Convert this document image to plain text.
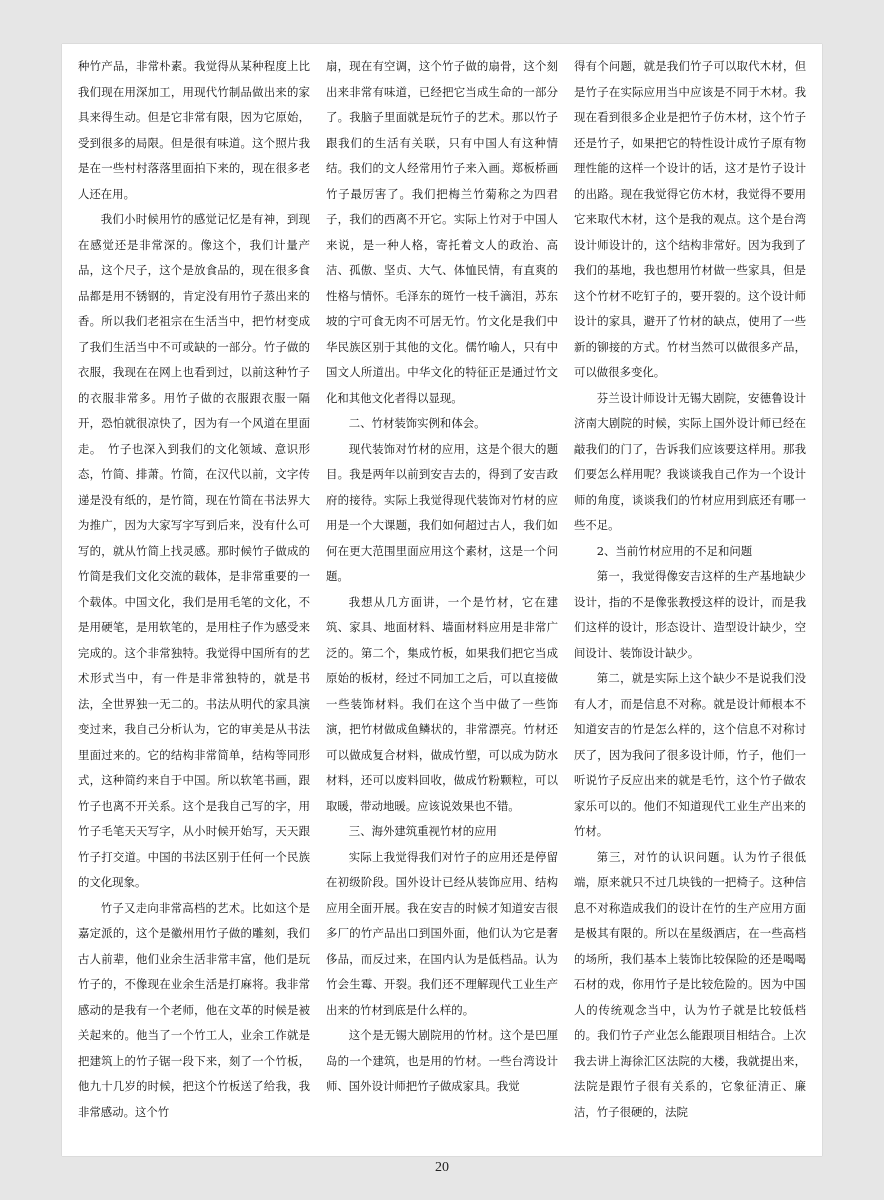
种竹产品，非常朴素。我觉得从某种程度上比我们现在用深加工，用现代竹制品做出来的家具来得生动。但是它非常有限，因为它原始，受到很多的局限。但是很有味道。这个照片我是在一些村村落落里面拍下来的，现在很多老人还在用。

我们小时候用竹的感觉记忆是有神，到现在感觉还是非常深的。像这个，我们计量产品，这个尺子，这个是放食品的，现在很多食品都是用不锈钢的，肯定没有用竹子蒸出来的香。所以我们老祖宗在生活当中，把竹材变成了我们生活当中不可或缺的一部分。竹子做的衣服，我现在在网上也看到过，以前这种竹子的衣服非常多。用竹子做的衣服跟衣服一隔开，恐怕就很凉快了，因为有一个风道在里面走。　竹子也深入到我们的文化领域、意识形态，竹简、排萧。竹简，在汉代以前，文字传递是没有纸的，是竹简，现在竹简在书法界大为推广，因为大家写字写到后来，没有什么可写的，就从竹简上找灵感。那时候竹子做成的竹简是我们文化交流的载体，是非常重要的一个载体。中国文化，我们是用毛笔的文化，不是用硬笔，是用软笔的，是用柱子作为感受来完成的。这个非常独特。我觉得中国所有的艺术形式当中，有一件是非常独特的，就是书法，全世界独一无二的。书法从明代的家具演变过来，我自己分析认为，它的审美是从书法里面过来的。它的结构非常简单，结构等同形式，这种简约来自于中国。所以软笔书画，跟竹子也离不开关系。这个是我自己写的字，用竹子毛笔天天写字，从小时候开始写，天天跟竹子打交道。中国的书法区别于任何一个民族的文化现象。

竹子又走向非常高档的艺术。比如这个是嘉定派的，这个是徽州用竹子做的雕刻，我们古人前辈，他们业余生活非常丰富，他们是玩竹子的，不像现在业余生活是打麻将。我非常感动的是我有一个老师，他在文革的时候是被关起来的。他当了一个竹工人，业余工作就是把建筑上的竹子锯一段下来，刻了一个竹板，他九十几岁的时候，把这个竹板送了给我，我非常感动。这个竹

扇，现在有空调，这个竹子做的扇骨，这个刻出来非常有味道，已经把它当成生命的一部分了。我脑子里面就是玩竹子的艺术。那以竹子跟我们的生活有关联，只有中国人有这种情结。我们的文人经常用竹子来入画。郑板桥画竹子最厉害了。我们把梅兰竹菊称之为四君子，我们的西离不开它。实际上竹对于中国人来说，是一种人格，寄托着文人的政治、高洁、孤傲、坚贞、大气、体恤民情，有直爽的性格与情怀。毛泽东的斑竹一枝千滴泪，苏东坡的宁可食无肉不可居无竹。竹文化是我们中华民族区别于其他的文化。儒竹喻人，只有中国文人所道出。中华文化的特征正是通过竹文化和其他文化者得以显现。

二、竹材装饰实例和体会。

现代装饰对竹材的应用，这是个很大的题目。我是两年以前到安吉去的，得到了安吉政府的接待。实际上我觉得现代装饰对竹材的应用是一个大课题，我们如何超过古人，我们如何在更大范围里面应用这个素材，这是一个问题。

我想从几方面讲，一个是竹材，它在建筑、家具、地面材料、墙面材料应用是非常广泛的。第二个，集成竹板，如果我们把它当成原始的板材，经过不同加工之后，可以直接做一些装饰材料。我们在这个当中做了一些饰演，把竹材做成鱼鳞状的，非常漂亮。竹材还可以做成复合材料，做成竹塑，可以成为防水材料，还可以废料回收，做成竹粉颗粒，可以取暖，带动地暖。应该说效果也不错。

三、海外建筑重视竹材的应用

实际上我觉得我们对竹子的应用还是停留在初级阶段。国外设计已经从装饰应用、结构应用全面开展。我在安吉的时候才知道安吉很多厂的竹产品出口到国外面，他们认为它是奢侈品，而反过来，在国内认为是低档品。认为竹会生霉、开裂。我们还不理解现代工业生产出来的竹材到底是什么样的。

这个是无锡大剧院用的竹材。这个是巴厘岛的一个建筑，也是用的竹材。一些台湾设计师、国外设计师把竹子做成家具。我觉

得有个问题，就是我们竹子可以取代木材，但是竹子在实际应用当中应该是不同于木材。我现在看到很多企业是把竹子仿木材，这个竹子还是竹子，如果把它的特性设计成竹子原有物理性能的这样一个设计的话，这才是竹子设计的出路。现在我觉得它仿木材，我觉得不要用它来取代木材，这个是我的观点。这个是台湾设计师设计的，这个结构非常好。因为我到了我们的基地，我也想用竹材做一些家具，但是这个竹材不吃钉子的，要开裂的。这个设计师设计的家具，避开了竹材的缺点，使用了一些新的铆接的方式。竹材当然可以做很多产品，可以做很多变化。

芬兰设计师设计无锡大剧院，安德鲁设计济南大剧院的时候，实际上国外设计师已经在敲我们的门了，告诉我们应该要这样用。那我们要怎么样用呢？我谈谈我自己作为一个设计师的角度，谈谈我们的竹材应用到底还有哪一些不足。

2、当前竹材应用的不足和问题

第一，我觉得像安吉这样的生产基地缺少设计，指的不是像张教授这样的设计，而是我们这样的设计，形态设计、造型设计缺少，空间设计、装饰设计缺少。

第二，就是实际上这个缺少不是说我们没有人才，而是信息不对称。就是设计师根本不知道安吉的竹是怎么样的，这个信息不对称讨厌了，因为我问了很多设计师，竹子，他们一听说竹子反应出来的就是毛竹，这个竹子做农家乐可以的。他们不知道现代工业生产出来的竹材。

第三，对竹的认识问题。认为竹子很低端，原来就只不过几块钱的一把椅子。这种信息不对称造成我们的设计在竹的生产应用方面是极其有限的。所以在星级酒店，在一些高档的场所，我们基本上装饰比较保险的还是喝喝石材的戏，你用竹子是比较危险的。因为中国人的传统观念当中，认为竹子就是比较低档的。我们竹子产业怎么能跟项目相结合。上次我去讲上海徐汇区法院的大楼，我就提出来，法院是跟竹子很有关系的，它象征清正、廉洁，竹子很硬的，法院

20
